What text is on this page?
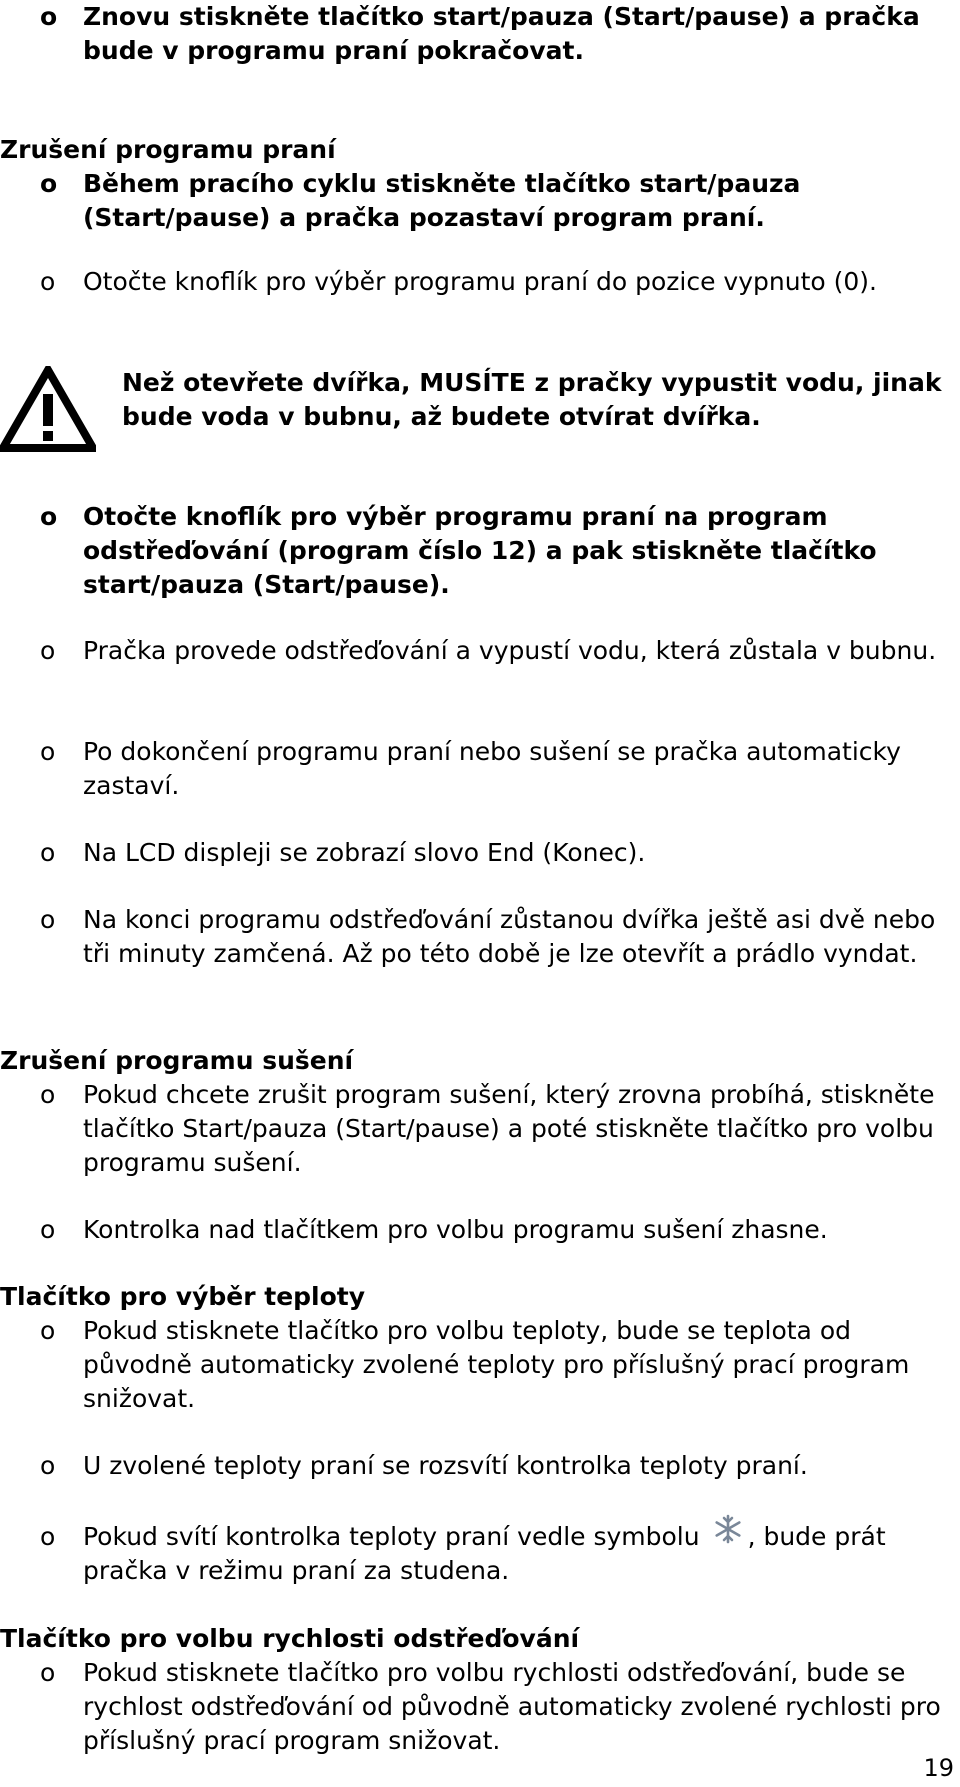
o Znovu stiskněte tlačítko start/pauza (Start/pause) a pračka bude v programu praní pokračovat.
Zrušení programu praní
o Během pracího cyklu stiskněte tlačítko start/pauza (Start/pause) a pračka pozastaví program praní.
o Otočte knoflík pro výběr programu praní do pozice vypnuto (0).
Než otevřete dvířka, MUSÍTE z pračky vypustit vodu, jinak bude voda v bubnu, až budete otvírat dvířka.
o Otočte knoflík pro výběr programu praní na program odstřeďování (program číslo 12) a pak stiskněte tlačítko start/pauza (Start/pause).
o Pračka provede odstřeďování a vypustí vodu, která zůstala v bubnu.
o Po dokončení programu praní nebo sušení se pračka automaticky zastaví.
o Na LCD displeji se zobrazí slovo End (Konec).
o Na konci programu odstřeďování zůstanou dvířka ještě asi dvě nebo tři minuty zamčená. Až po této době je lze otevřít a prádlo vyndat.
Zrušení programu sušení
o Pokud chcete zrušit program sušení, který zrovna probíhá, stiskněte tlačítko Start/pauza (Start/pause) a poté stiskněte tlačítko pro volbu programu sušení.
o Kontrolka nad tlačítkem pro volbu programu sušení zhasne.
Tlačítko pro výběr teploty
o Pokud stisknete tlačítko pro volbu teploty, bude se teplota od původně automaticky zvolené teploty pro příslušný prací program snižovat.
o U zvolené teploty praní se rozsvítí kontrolka teploty praní.
o Pokud svítí kontrolka teploty praní vedle symbolu , bude prát pračka v režimu praní za studena.
Tlačítko pro volbu rychlosti odstřeďování
o Pokud stisknete tlačítko pro volbu rychlosti odstřeďování, bude se rychlost odstřeďování od původně automaticky zvolené rychlosti pro příslušný prací program snižovat.
19
